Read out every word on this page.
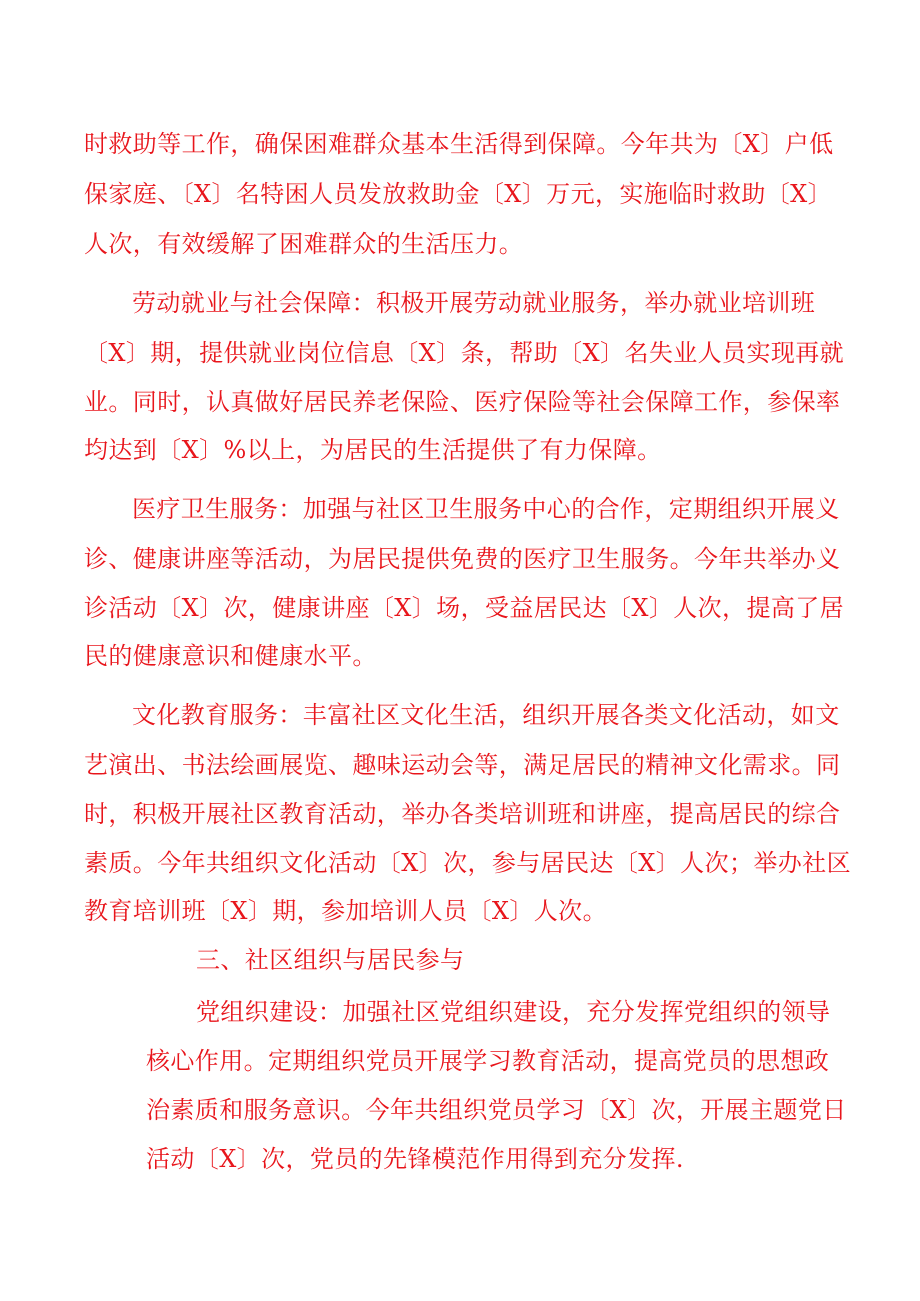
时救助等工作，确保困难群众基本生活得到保障。今年共为〔X〕户低

保家庭、〔X〕名特困人员发放救助金〔X〕万元，实施临时救助〔X〕

人次，有效缓解了困难群众的生活压力。

劳动就业与社会保障：积极开展劳动就业服务，举办就业培训班

〔X〕期，提供就业岗位信息〔X〕条，帮助〔X〕名失业人员实现再就

业。同时，认真做好居民养老保险、医疗保险等社会保障工作，参保率

均达到〔X〕%以上，为居民的生活提供了有力保障。

医疗卫生服务：加强与社区卫生服务中心的合作，定期组织开展义

诊、健康讲座等活动，为居民提供免费的医疗卫生服务。今年共举办义

诊活动〔X〕次，健康讲座〔X〕场，受益居民达〔X〕人次，提高了居

民的健康意识和健康水平。

文化教育服务：丰富社区文化生活，组织开展各类文化活动，如文

艺演出、书法绘画展览、趣味运动会等，满足居民的精神文化需求。同

时，积极开展社区教育活动，举办各类培训班和讲座，提高居民的综合

素质。今年共组织文化活动〔X〕次，参与居民达〔X〕人次；举办社区

教育培训班〔X〕期，参加培训人员〔X〕人次。

三、社区组织与居民参与

党组织建设：加强社区党组织建设，充分发挥党组织的领导

核心作用。定期组织党员开展学习教育活动，提高党员的思想政

治素质和服务意识。今年共组织党员学习〔X〕次，开展主题党日

活动〔X〕次，党员的先锋模范作用得到充分发挥.
